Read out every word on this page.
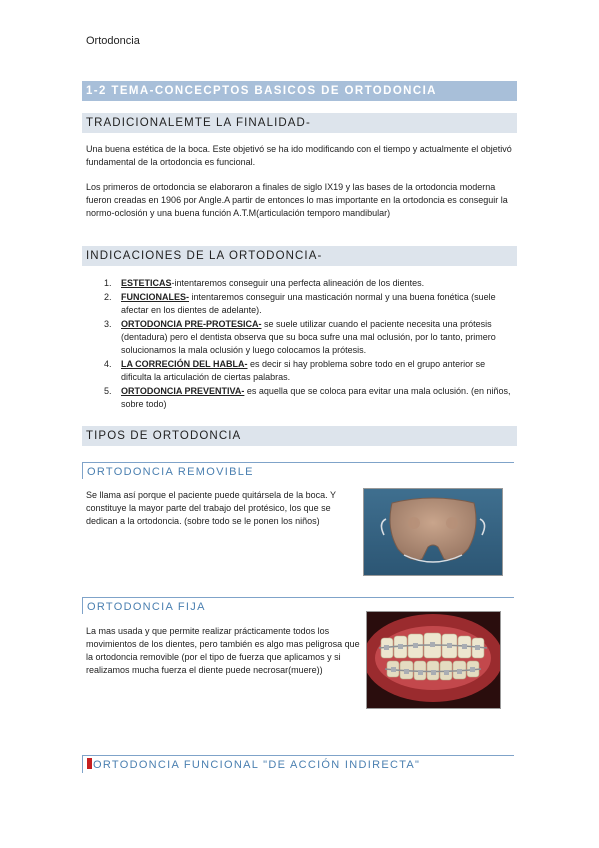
Ortodoncia
1-2 TEMA-CONCECPTOS BASICOS DE ORTODONCIA
TRADICIONALEMTE LA FINALIDAD-
Una buena estética de la boca. Este objetivó se ha ido modificando con el tiempo y actualmente el objetivó fundamental de la ortodoncia es funcional.
Los primeros de ortodoncia se elaboraron a finales de siglo IX19 y las bases de la ortodoncia moderna fueron creadas en 1906 por Angle.A partir de entonces lo mas importante en la ortodoncia es conseguir la normo-oclosión y una buena función A.T.M(articulación temporo mandibular)
INDICACIONES DE LA ORTODONCIA-
1. ESTETICAS-intentaremos conseguir una perfecta alineación de los dientes.
2. FUNCIONALES- intentaremos conseguir una masticación normal y una buena fonética (suele afectar en los dientes de adelante).
3. ORTODONCIA PRE-PROTESICA- se suele utilizar cuando el paciente necesita una prótesis (dentadura) pero el dentista observa que su boca sufre una mal oclusión, por lo tanto, primero solucionamos la mala oclusión y luego colocamos la prótesis.
4. LA CORRECIÓN DEL HABLA- es decir si hay problema sobre todo en el grupo anterior se dificulta la articulación de ciertas palabras.
5. ORTODONCIA PREVENTIVA- es aquella que se coloca para evitar una mala oclusión. (en niños, sobre todo)
TIPOS DE ORTODONCIA
ORTODONCIA REMOVIBLE
Se llama así porque el paciente puede quitársela de la boca. Y constituye la mayor parte del trabajo del protésico, los que se dedican a la ortodoncia. (sobre todo se le ponen los niños)
ORTODONCIA FIJA
La mas usada y que permite realizar prácticamente todos los movimientos de los dientes, pero también es algo mas peligrosa que la ortodoncia removible (por el tipo de fuerza que aplicamos y si realizamos mucha fuerza el diente puede necrosar(muere))
ORTODONCIA FUNCIONAL "DE ACCIÓN INDIRECTA"
